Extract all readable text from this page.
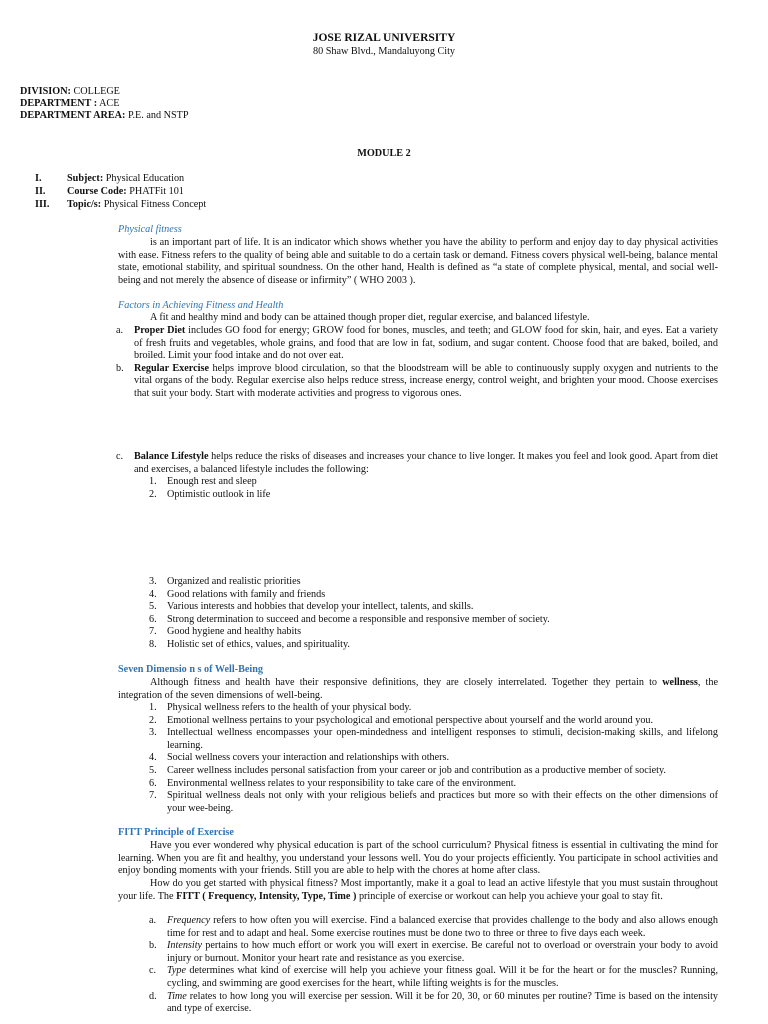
JOSE RIZAL UNIVERSITY
80 Shaw Blvd., Mandaluyong City
DIVISION: COLLEGE
DEPARTMENT : ACE
DEPARTMENT AREA: P.E. and NSTP
MODULE 2
I. Subject: Physical Education
II. Course Code: PHATFit 101
III. Topic/s: Physical Fitness Concept
Physical fitness

is an important part of life. It is an indicator which shows whether you have the ability to perform and enjoy day to day physical activities with ease. Fitness refers to the quality of being able and suitable to do a certain task or demand. Fitness covers physical well-being, balance mental state, emotional stability, and spiritual soundness. On the other hand, Health is defined as “a state of complete physical, mental, and social well-being and not merely the absence of disease or infirmity” ( WHO 2003 ).

Factors in Achieving Fitness and Health

A fit and healthy mind and body can be attained though proper diet, regular exercise, and balanced lifestyle.

a. Proper Diet includes GO food for energy; GROW food for bones, muscles, and teeth; and GLOW food for skin, hair, and eyes. Eat a variety of fresh fruits and vegetables, whole grains, and food that are low in fat, sodium, and sugar content. Choose food that are baked, boiled, and broiled. Limit your food intake and do not over eat.
b. Regular Exercise helps improve blood circulation, so that the bloodstream will be able to continuously supply oxygen and nutrients to the vital organs of the body. Regular exercise also helps reduce stress, increase energy, control weight, and brighten your mood. Choose exercises that suit your body. Start with moderate activities and progress to vigorous ones.
c. Balance Lifestyle helps reduce the risks of diseases and increases your chance to live longer. It makes you feel and look good. Apart from diet and exercises, a balanced lifestyle includes the following:
1. Enough rest and sleep
2. Optimistic outlook in life
3. Organized and realistic priorities
4. Good relations with family and friends
5. Various interests and hobbies that develop your intellect, talents, and skills.
6. Strong determination to succeed and become a responsible and responsive member of society.
7. Good hygiene and healthy habits
8. Holistic set of ethics, values, and spirituality.
Seven Dimensio n s of Well-Being

Although fitness and health have their responsive definitions, they are closely interrelated. Together they pertain to wellness, the integration of the seven dimensions of well-being.

1. Physical wellness refers to the health of your physical body.
2. Emotional wellness pertains to your psychological and emotional perspective about yourself and the world around you.
3. Intellectual wellness encompasses your open-mindedness and intelligent responses to stimuli, decision-making skills, and lifelong learning.
4. Social wellness covers your interaction and relationships with others.
5. Career wellness includes personal satisfaction from your career or job and contribution as a productive member of society.
6. Environmental wellness relates to your responsibility to take care of the environment.
7. Spiritual wellness deals not only with your religious beliefs and practices but more so with their effects on the other dimensions of your wee-being.
FITT Principle of Exercise

Have you ever wondered why physical education is part of the school curriculum? Physical fitness is essential in cultivating the mind for learning. When you are fit and healthy, you understand your lessons well. You do your projects efficiently. You participate in school activities and enjoy bonding moments with your friends. Still you are able to help with the chores at home after class.

How do you get started with physical fitness? Most importantly, make it a goal to lead an active lifestyle that you must sustain throughout your life. The FITT ( Frequency, Intensity, Type, Time ) principle of exercise or workout can help you achieve your goal to stay fit.

a. Frequency refers to how often you will exercise. Find a balanced exercise that provides challenge to the body and also allows enough time for rest and to adapt and heal. Some exercise routines must be done two to three or three to five days each week.
b. Intensity pertains to how much effort or work you will exert in exercise. Be careful not to overload or overstrain your body to avoid injury or burnout. Monitor your heart rate and resistance as you exercise.
c. Type determines what kind of exercise will help you achieve your fitness goal. Will it be for the heart or for the muscles? Running, cycling, and swimming are good exercises for the heart, while lifting weights is for the muscles.
d. Time relates to how long you will exercise per session. Will it be for 20, 30, or 60 minutes per routine? Time is based on the intensity and type of exercise.
